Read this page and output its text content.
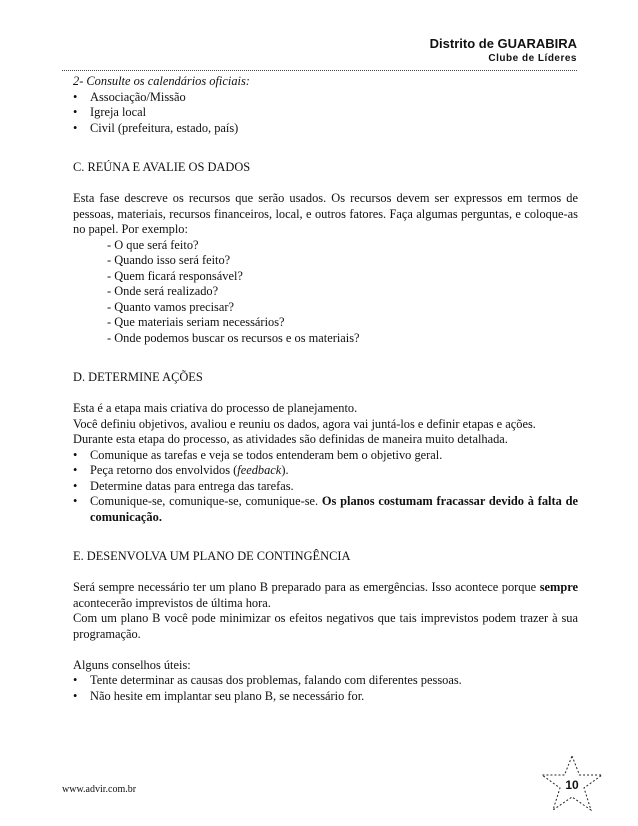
Distrito de GUARABIRA
Clube de Líderes

2- Consulte os calendários oficiais:

• Associação/Missão

• Igreja local

• Civil (prefeitura, estado, país)

C. REÚNA E AVALIE OS DADOS

Esta fase descreve os recursos que serão usados. Os recursos devem ser expressos em termos de pessoas, materiais, recursos financeiros, local, e outros fatores. Faça algumas perguntas, e coloque-as no papel. Por exemplo:

- O que será feito?

- Quando isso será feito?

- Quem ficará responsável?

- Onde será realizado?

- Quanto vamos precisar?

- Que materiais seriam necessários?

- Onde podemos buscar os recursos e os materiais?

D. DETERMINE AÇÕES

Esta é a etapa mais criativa do processo de planejamento.

Você definiu objetivos, avaliou e reuniu os dados, agora vai juntá-los e definir etapas e ações.

Durante esta etapa do processo, as atividades são definidas de maneira muito detalhada.

• Comunique as tarefas e veja se todos entenderam bem o objetivo geral.

• Peça retorno dos envolvidos (feedback).

• Determine datas para entrega das tarefas.

• Comunique-se, comunique-se, comunique-se. Os planos costumam fracassar devido à falta de comunicação.

E. DESENVOLVA UM PLANO DE CONTINGÊNCIA

Será sempre necessário ter um plano B preparado para as emergências. Isso acontece porque sempre acontecerão imprevistos de última hora.

Com um plano B você pode minimizar os efeitos negativos que tais imprevistos podem trazer à sua programação.

Alguns conselhos úteis:

• Tente determinar as causas dos problemas, falando com diferentes pessoas.

• Não hesite em implantar seu plano B, se necessário for.

www.advir.com.br	10
